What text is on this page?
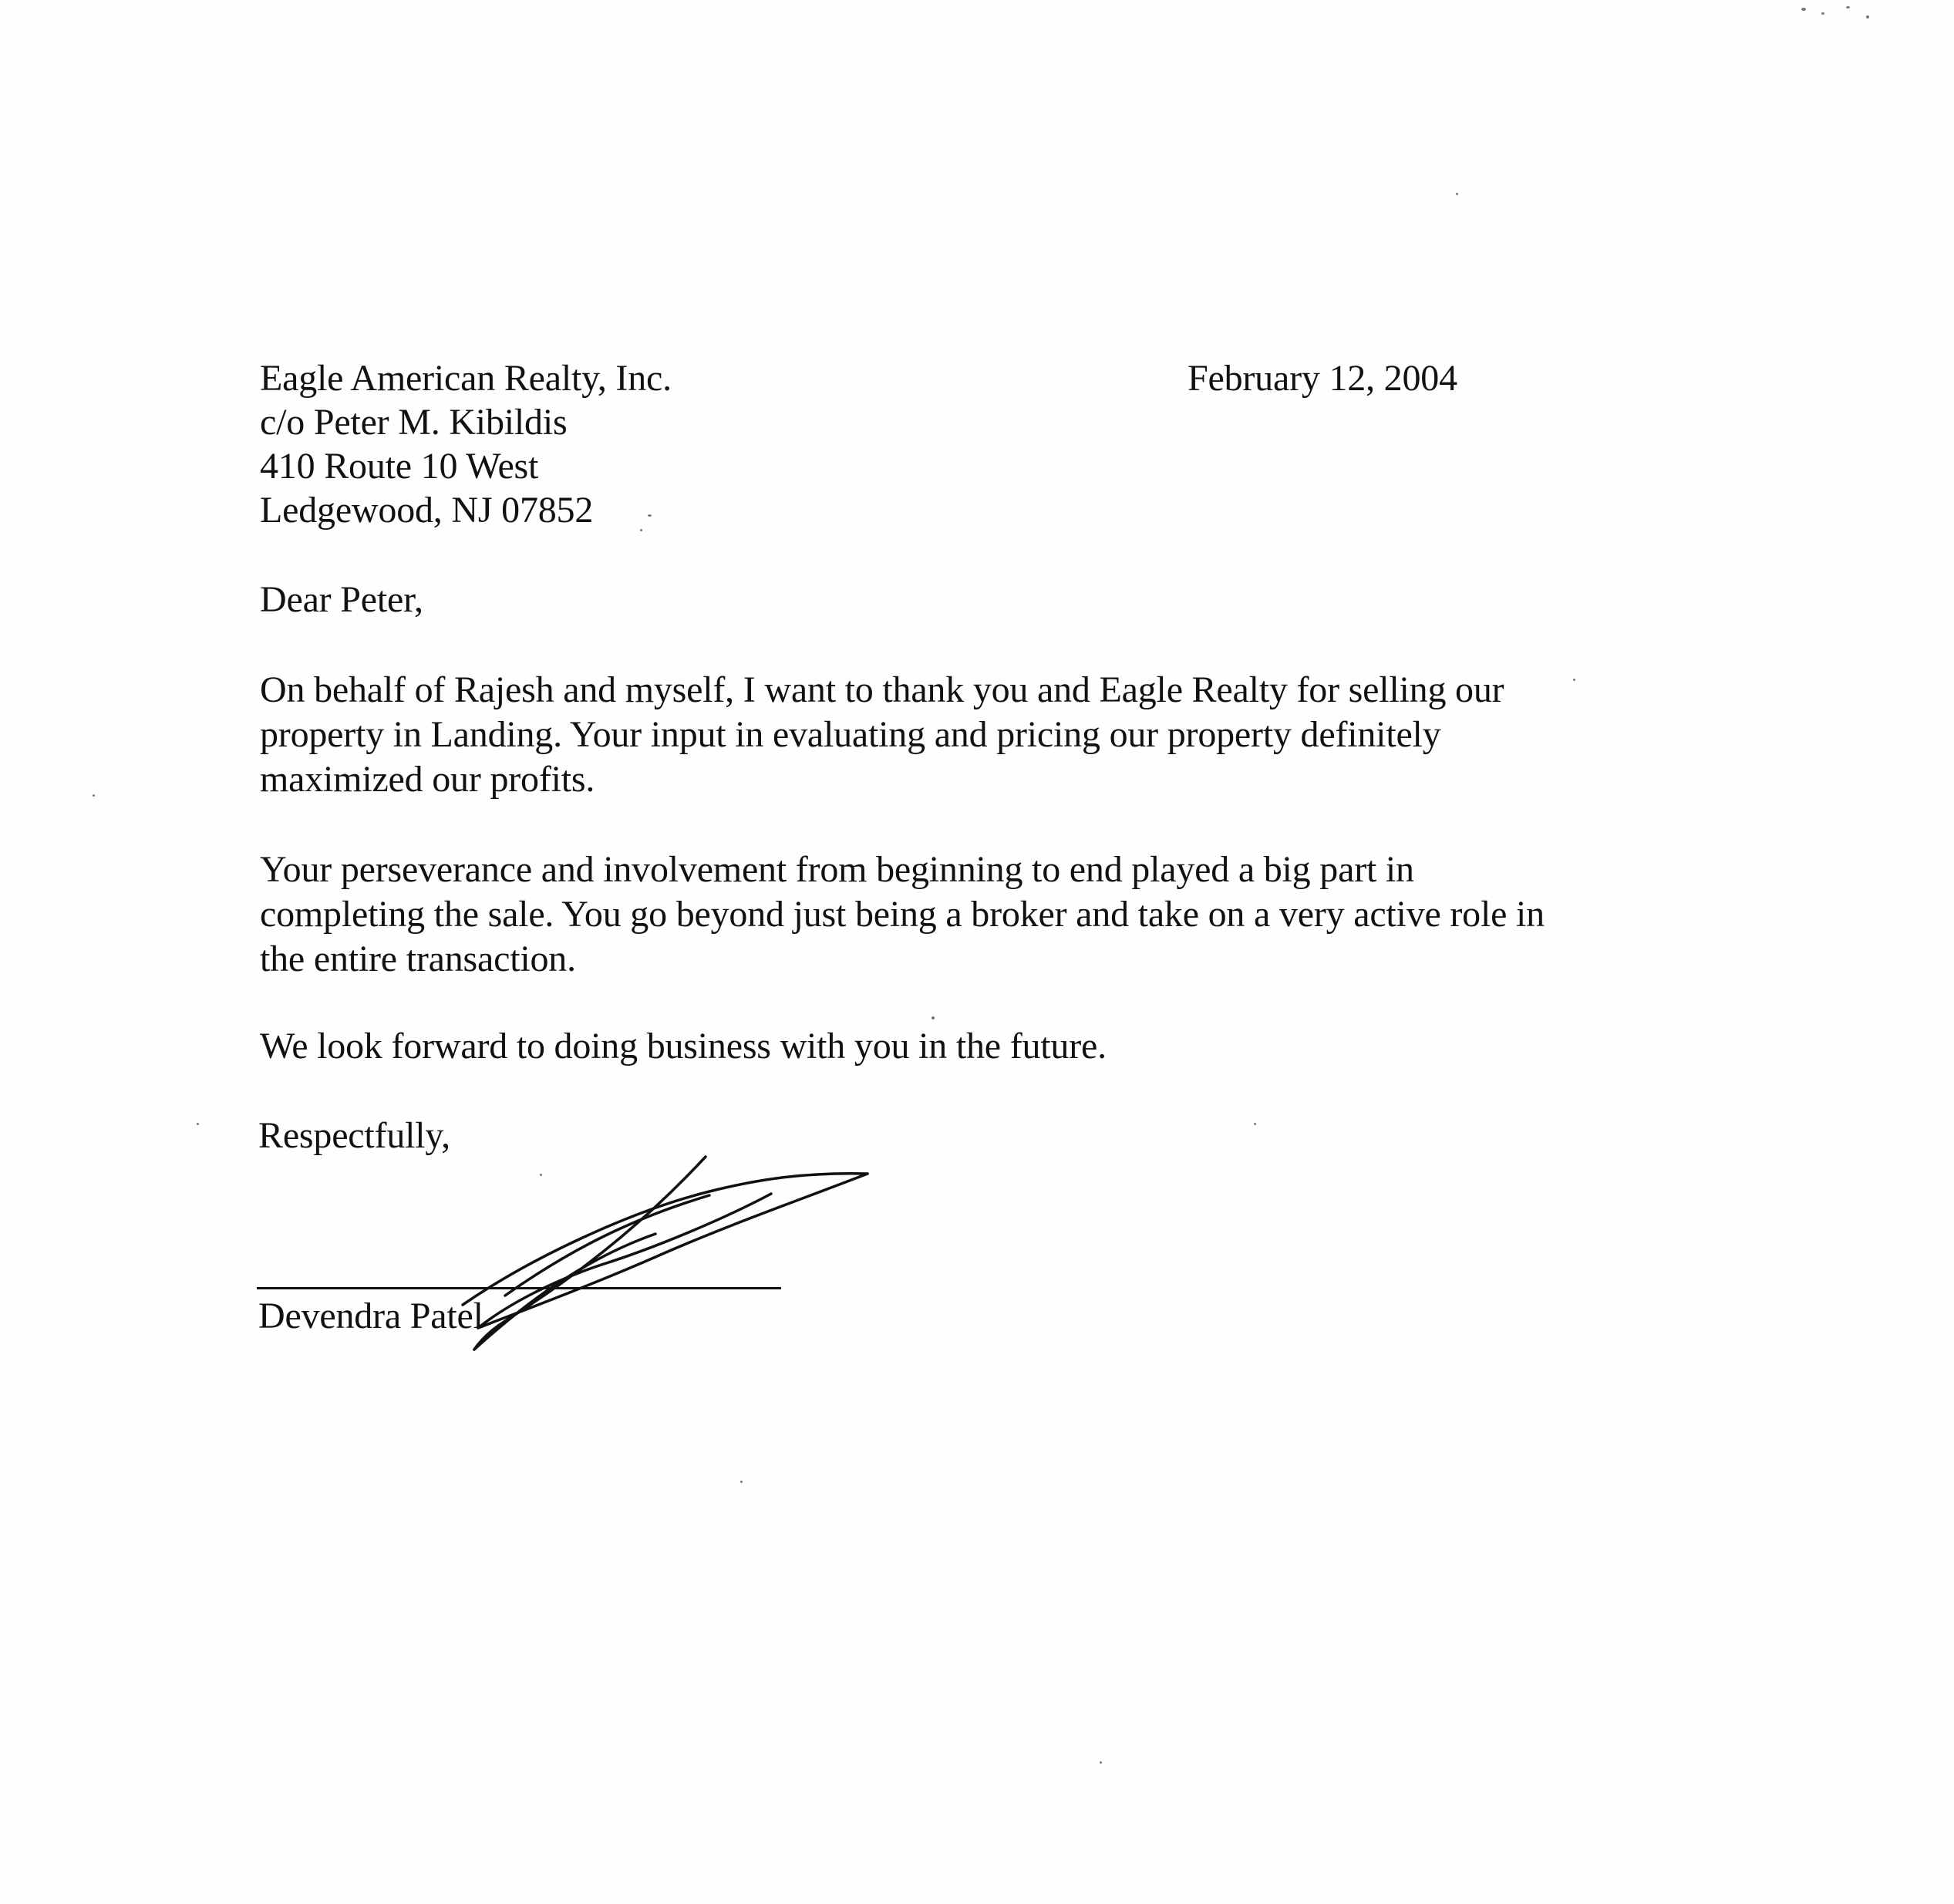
Eagle American Realty, Inc.
c/o Peter M. Kibildis
410 Route 10 West
Ledgewood, NJ 07852
February 12, 2004
Dear Peter,
On behalf of Rajesh and myself, I want to thank you and Eagle Realty for selling our
property in Landing. Your input in evaluating and pricing our property definitely
maximized our profits.
Your perseverance and involvement from beginning to end played a big part in
completing the sale. You go beyond just being a broker and take on a very active role in
the entire transaction.
We look forward to doing business with you in the future.
Respectfully,
Devendra Patel
